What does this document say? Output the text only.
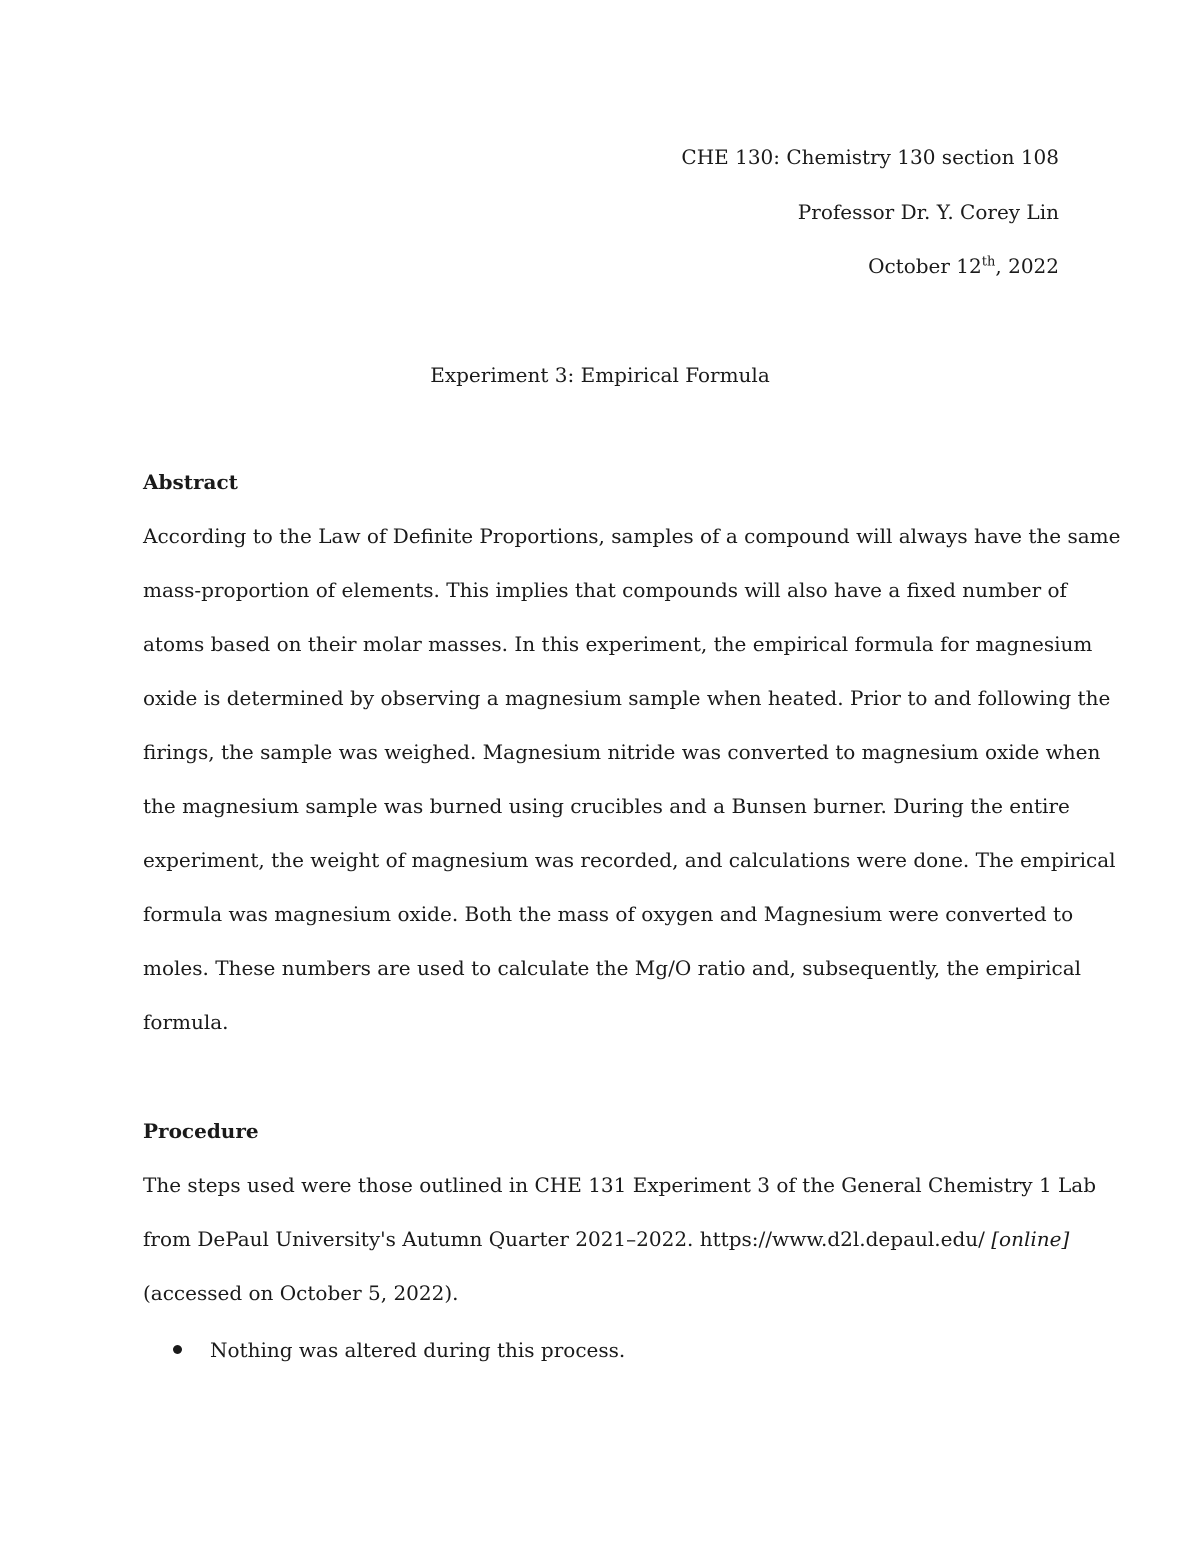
CHE 130: Chemistry 130 section 108
Professor Dr. Y. Corey Lin
October 12th, 2022
Experiment 3: Empirical Formula
Abstract
According to the Law of Definite Proportions, samples of a compound will always have the same
mass-proportion of elements. This implies that compounds will also have a fixed number of
atoms based on their molar masses. In this experiment, the empirical formula for magnesium
oxide is determined by observing a magnesium sample when heated. Prior to and following the
firings, the sample was weighed. Magnesium nitride was converted to magnesium oxide when
the magnesium sample was burned using crucibles and a Bunsen burner. During the entire
experiment, the weight of magnesium was recorded, and calculations were done. The empirical
formula was magnesium oxide. Both the mass of oxygen and Magnesium were converted to
moles. These numbers are used to calculate the Mg/O ratio and, subsequently, the empirical
formula.
Procedure
The steps used were those outlined in CHE 131 Experiment 3 of the General Chemistry 1 Lab
from DePaul University's Autumn Quarter 2021–2022. https://www.d2l.depaul.edu/ [online]
(accessed on October 5, 2022).
Nothing was altered during this process.
